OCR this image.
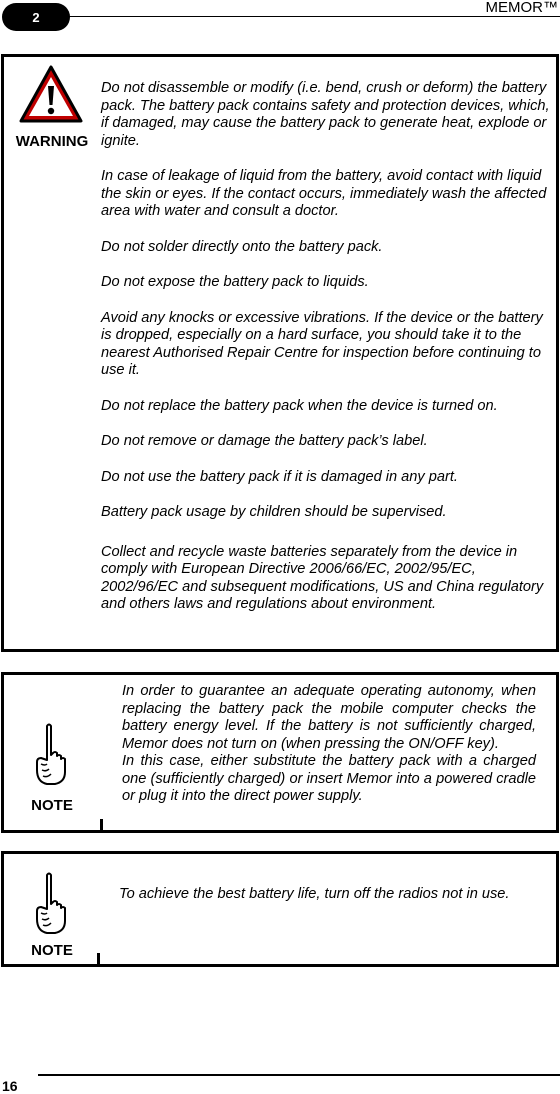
2
MEMOR™
WARNING

Do not disassemble or modify (i.e. bend, crush or deform) the battery pack. The battery pack contains safety and protection devices, which, if damaged, may cause the battery pack to generate heat, explode or ignite.

In case of leakage of liquid from the battery, avoid contact with liquid the skin or eyes. If the contact occurs, immediately wash the affected area with water and consult a doctor.

Do not solder directly onto the battery pack.

Do not expose the battery pack to liquids.

Avoid any knocks or excessive vibrations. If the device or the battery is dropped, especially on a hard surface, you should take it to the nearest Authorised Repair Centre for inspection before continuing to use it.

Do not replace the battery pack when the device is turned on.

Do not remove or damage the battery pack’s label.

Do not use the battery pack if it is damaged in any part.

Battery pack usage by children should be supervised.

Collect and recycle waste batteries separately from the device in comply with European Directive 2006/66/EC, 2002/95/EC, 2002/96/EC and subsequent modifications, US and China regulatory and others laws and regulations about environment.

NOTE
In order to guarantee an adequate operating autonomy, when replacing the battery pack the mobile computer checks the battery energy level. If the battery is not sufficiently charged, Memor does not turn on (when pressing the ON/OFF key).
In this case, either substitute the battery pack with a charged one (sufficiently charged) or insert Memor into a powered cradle or plug it into the direct power supply.
NOTE
To achieve the best battery life, turn off the radios not in use.
16
